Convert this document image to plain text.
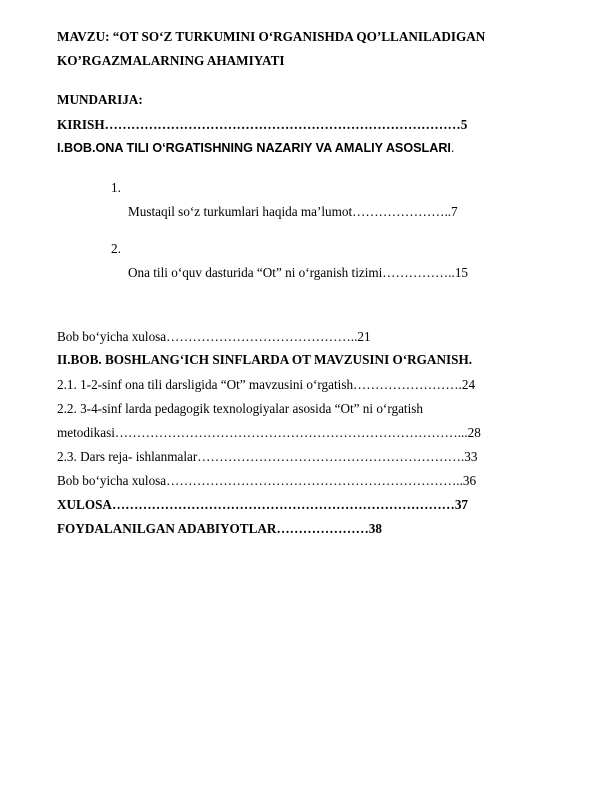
MAVZU: “OT SO‘Z TURKUMINI O‘RGANISHDA QO’LLANILADIGAN

KO’RGAZMALARNING AHAMIYATI

MUNDARIJA:

KIRISH………………………………………………………………………5

I.BOB.ONA TILI O‘RGATISHNING NAZARIY VA AMALIY ASOSLARI.

1.

Mustaqil so‘z turkumlari haqida ma’lumot…………………..7

2.

Ona tili o‘quv dasturida “Ot” ni o‘rganish tizimi……………..15

Bob bo‘yicha xulosa……………………………………..21

II.BOB. BOSHLANG‘ICH SINFLARDA OT MAVZUSINI O‘RGANISH.

2.1. 1-2-sinf ona tili darsligida “Ot” mavzusini o‘rgatish…………………….24

2.2. 3-4-sinf larda pedagogik texnologiyalar asosida “Ot” ni o‘rgatish

metodikasi……………………………………………………………………...28

2.3. Dars reja- ishlanmalar…………………………………………………….33

Bob bo‘yicha xulosa…………………………………………………………..36

XULOSA……………………………………………………………………37

FOYDALANILGAN ADABIYOTLAR…………………38
